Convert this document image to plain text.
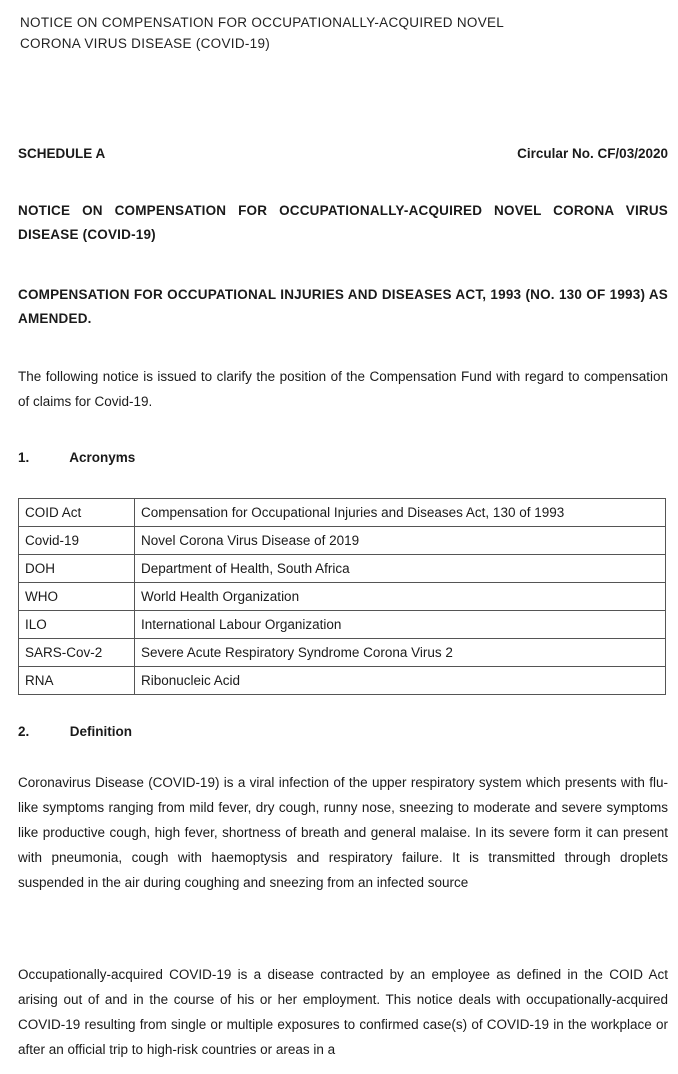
NOTICE ON COMPENSATION FOR OCCUPATIONALLY-ACQUIRED NOVEL
CORONA VIRUS DISEASE (COVID-19)
SCHEDULE A	Circular No. CF/03/2020
NOTICE ON COMPENSATION FOR OCCUPATIONALLY-ACQUIRED NOVEL CORONA VIRUS DISEASE (COVID-19)
COMPENSATION FOR OCCUPATIONAL INJURIES AND DISEASES ACT, 1993 (NO. 130 OF 1993) AS AMENDED.
The following notice is issued to clarify the position of the Compensation Fund with regard to compensation of claims for Covid-19.
1.	Acronyms
COID Act	Compensation for Occupational Injuries and Diseases Act, 130 of 1993
Covid-19	Novel Corona Virus Disease of 2019
DOH	Department of Health, South Africa
WHO	World Health Organization
ILO	International Labour Organization
SARS-Cov-2	Severe Acute Respiratory Syndrome Corona Virus 2
RNA	Ribonucleic Acid
2.	Definition
Coronavirus Disease (COVID-19) is a viral infection of the upper respiratory system which presents with flu-like symptoms ranging from mild fever, dry cough, runny nose, sneezing to moderate and severe symptoms like productive cough, high fever, shortness of breath and general malaise. In its severe form it can present with pneumonia, cough with haemoptysis and respiratory failure. It is transmitted through droplets suspended in the air during coughing and sneezing from an infected source
Occupationally-acquired COVID-19 is a disease contracted by an employee as defined in the COID Act arising out of and in the course of his or her employment. This notice deals with occupationally-acquired COVID-19 resulting from single or multiple exposures to confirmed case(s) of COVID-19 in the workplace or after an official trip to high-risk countries or areas in a
